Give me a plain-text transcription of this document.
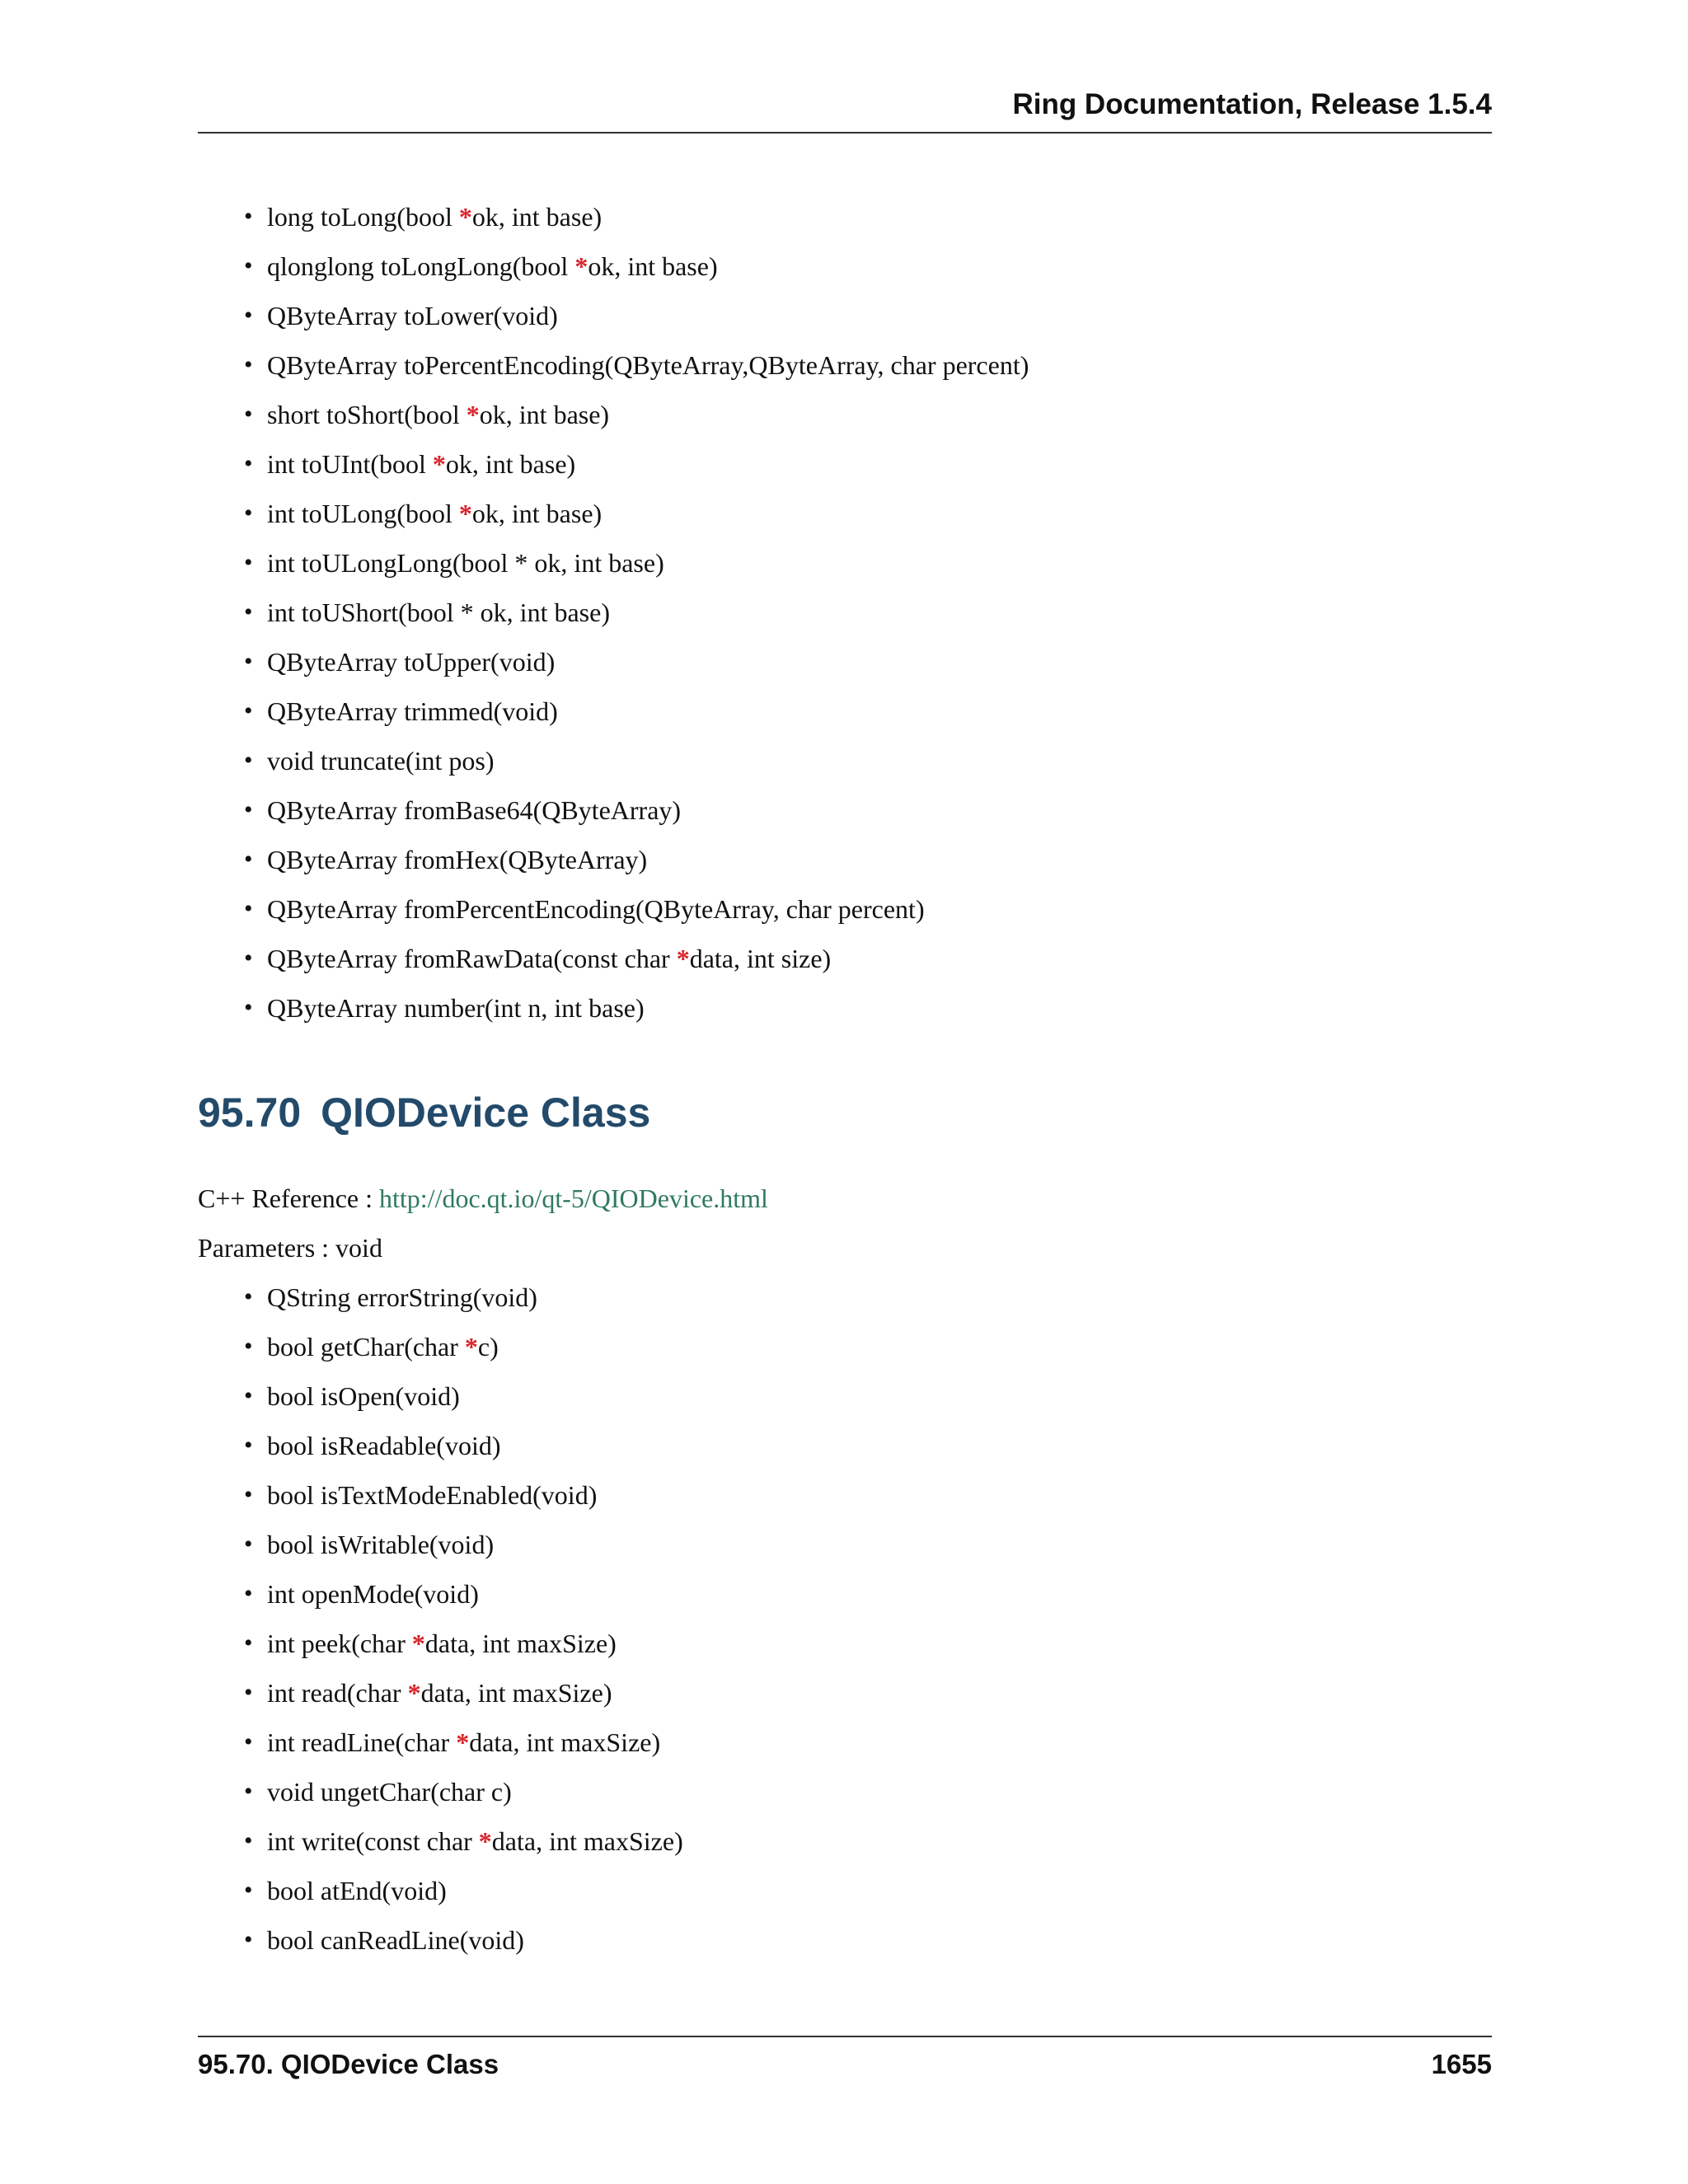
Ring Documentation, Release 1.5.4
• long toLong(bool *ok, int base)
• qlonglong toLongLong(bool *ok, int base)
• QByteArray toLower(void)
• QByteArray toPercentEncoding(QByteArray,QByteArray, char percent)
• short toShort(bool *ok, int base)
• int toUInt(bool *ok, int base)
• int toULong(bool *ok, int base)
• int toULongLong(bool * ok, int base)
• int toUShort(bool * ok, int base)
• QByteArray toUpper(void)
• QByteArray trimmed(void)
• void truncate(int pos)
• QByteArray fromBase64(QByteArray)
• QByteArray fromHex(QByteArray)
• QByteArray fromPercentEncoding(QByteArray, char percent)
• QByteArray fromRawData(const char *data, int size)
• QByteArray number(int n, int base)
95.70 QIODevice Class
C++ Reference : http://doc.qt.io/qt-5/QIODevice.html
Parameters : void
• QString errorString(void)
• bool getChar(char *c)
• bool isOpen(void)
• bool isReadable(void)
• bool isTextModeEnabled(void)
• bool isWritable(void)
• int openMode(void)
• int peek(char *data, int maxSize)
• int read(char *data, int maxSize)
• int readLine(char *data, int maxSize)
• void ungetChar(char c)
• int write(const char *data, int maxSize)
• bool atEnd(void)
• bool canReadLine(void)
95.70. QIODevice Class	1655
